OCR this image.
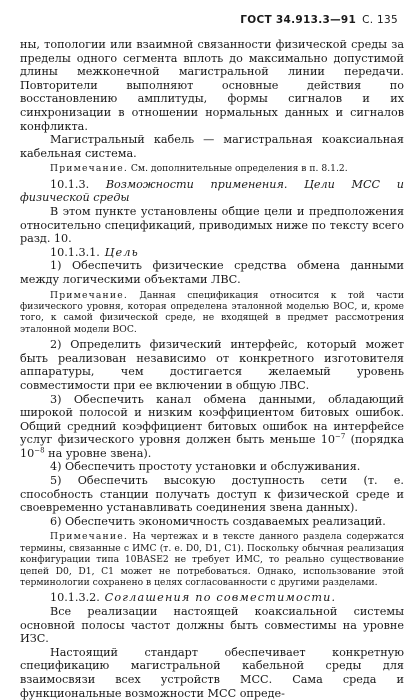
ГОСТ 34.913.3—91 С. 135

ны, топологии или взаимной связанности физической среды за пределы одного сегмента вплоть до максимально допустимой длины межконечной магистральной линии передачи. Повторители выполняют основные действия по восстановлению амплитуды, формы сигналов и их синхронизации в отношении нормальных данных и сигналов конфликта.

Магистральный кабель — магистральная коаксиальная кабельная система.

Примечание. См. дополнительные определения в п. 8.1.2.

10.1.3. Возможности применения. Цели МСС и физической среды

В этом пункте установлены общие цели и предположения относительно спецификаций, приводимых ниже по тексту всего разд. 10.

10.1.3.1. Цель

1) Обеспечить физические средства обмена данными между логическими объектами ЛВС.

Примечание. Данная спецификация относится к той части физического уровня, которая определена эталонной моделью ВОС, и, кроме того, к самой физической среде, не входящей в предмет рассмотрения эталонной модели ВОС.

2) Определить физический интерфейс, который может быть реализован независимо от конкретного изготовителя аппаратуры, чем достигается желаемый уровень совместимости при ее включении в общую ЛВС.

3) Обеспечить канал обмена данными, обладающий широкой полосой и низким коэффициентом битовых ошибок. Общий средний коэффициент битовых ошибок на интерфейсе услуг физического уровня должен быть меньше $10^{-7}$ (порядка $10^{-8}$ на уровне звена).

4) Обеспечить простоту установки и обслуживания.

5) Обеспечить высокую доступность сети (т. е. способность станции получать доступ к физической среде и своевременно устанавливать соединения звена данных).

6) Обеспечить экономичность создаваемых реализаций.

Примечание. На чертежах и в тексте данного раздела содержатся термины, связанные с ИМС (т. е. D0, D1, C1). Поскольку обычная реализация конфигурации типа 10BASE2 не требует ИМС, то реально существование цепей D0, D1, C1 может не потребоваться. Однако, использование этой терминологии сохранено в целях согласованности с другими разделами.

10.1.3.2. Соглашения по совместимости.

Все реализации настоящей коаксиальной системы основной полосы частот должны быть совместимы на уровне ИЗС.

Настоящий стандарт обеспечивает конкретную спецификацию магистральной кабельной среды для взаимосвязи всех устройств МСС. Сама среда и функциональные возможности МСС опреде-
